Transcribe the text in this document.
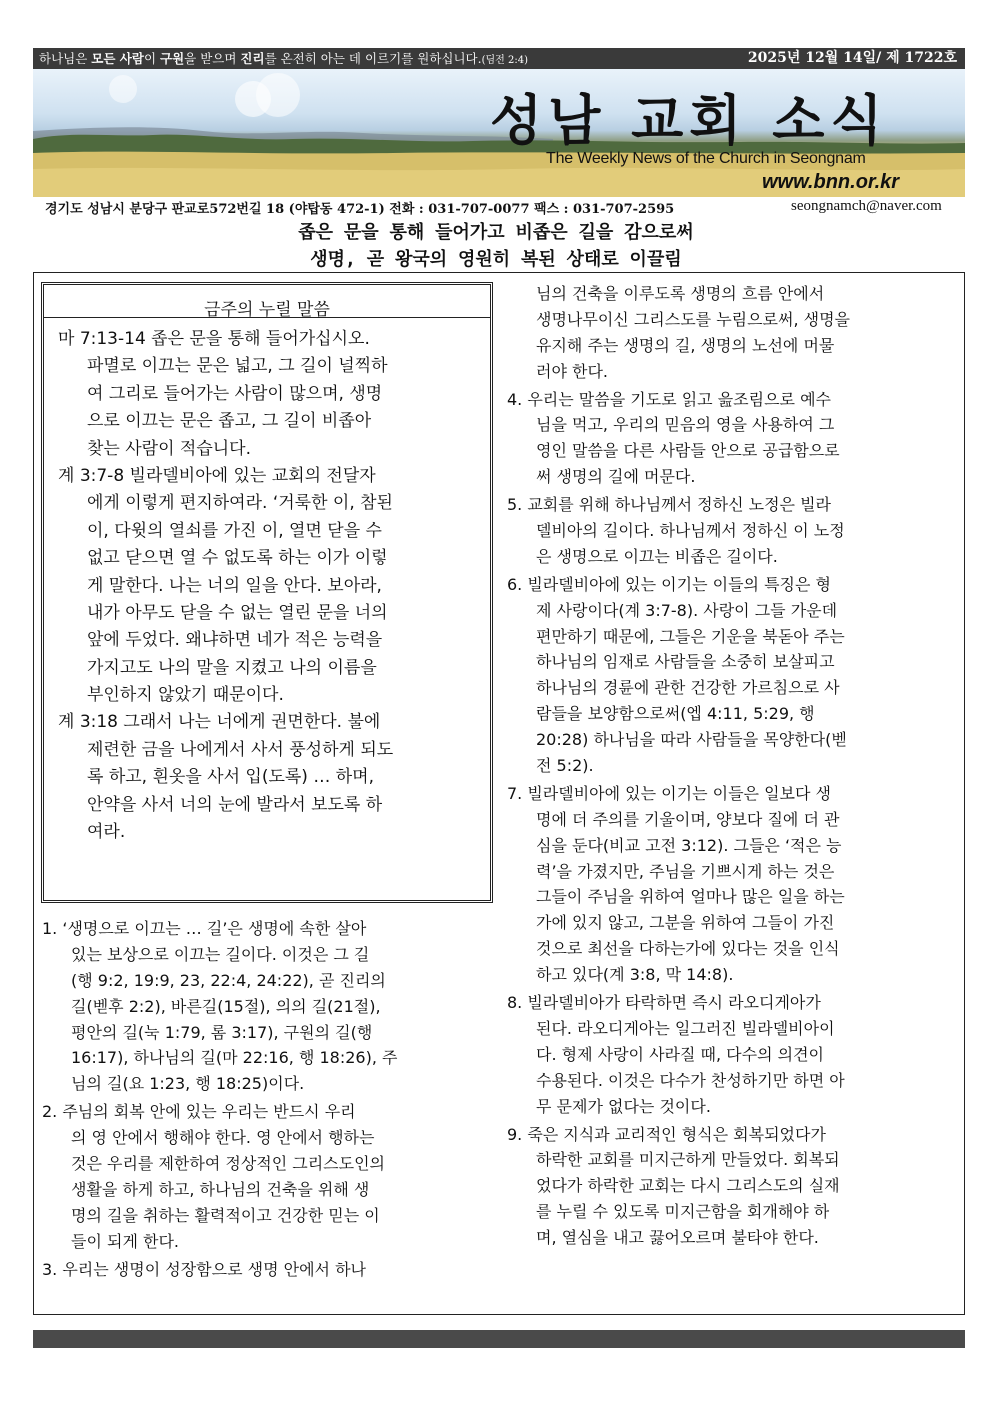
하나님은 모든 사람이 구원을 받으며 진리를 온전히 아는 데 이르기를 원하십니다.(딤전 2:4)	2025년 12월 14일/ 제 1722호
성남 교회 소식
The Weekly News of the Church in Seongnam
www.bnn.or.kr
경기도 성남시 분당구 판교로572번길 18 (야탑동 472-1) 전화 : 031-707-0077 팩스 : 031-707-2595	seongnamch@naver.com
좁은 문을 통해 들어가고 비좁은 길을 감으로써
생명, 곧 왕국의 영원히 복된 상태로 이끌림
금주의 누릴 말씀
마 7:13-14 좁은 문을 통해 들어가십시오.
파멸로 이끄는 문은 넓고, 그 길이 널찍하
여 그리로 들어가는 사람이 많으며, 생명
으로 이끄는 문은 좁고, 그 길이 비좁아
찾는 사람이 적습니다.
계 3:7-8 빌라델비아에 있는 교회의 전달자
에게 이렇게 편지하여라. ‘거룩한 이, 참된
이, 다윗의 열쇠를 가진 이, 열면 닫을 수
없고 닫으면 열 수 없도록 하는 이가 이렇
게 말한다. 나는 너의 일을 안다. 보아라,
내가 아무도 닫을 수 없는 열린 문을 너의
앞에 두었다. 왜냐하면 네가 적은 능력을
가지고도 나의 말을 지켰고 나의 이름을
부인하지 않았기 때문이다.
계 3:18 그래서 나는 너에게 권면한다. 불에
제련한 금을 나에게서 사서 풍성하게 되도
록 하고, 흰옷을 사서 입(도록) … 하며,
안약을 사서 너의 눈에 발라서 보도록 하
여라.
1. ‘생명으로 이끄는 … 길’은 생명에 속한 살아
있는 보상으로 이끄는 길이다. 이것은 그 길
(행 9:2, 19:9, 23, 22:4, 24:22), 곧 진리의
길(벧후 2:2), 바른길(15절), 의의 길(21절),
평안의 길(눅 1:79, 롬 3:17), 구원의 길(행
16:17), 하나님의 길(마 22:16, 행 18:26), 주
님의 길(요 1:23, 행 18:25)이다.
2. 주님의 회복 안에 있는 우리는 반드시 우리
의 영 안에서 행해야 한다. 영 안에서 행하는
것은 우리를 제한하여 정상적인 그리스도인의
생활을 하게 하고, 하나님의 건축을 위해 생
명의 길을 취하는 활력적이고 건강한 믿는 이
들이 되게 한다.
3. 우리는 생명이 성장함으로 생명 안에서 하나
님의 건축을 이루도록 생명의 흐름 안에서
생명나무이신 그리스도를 누림으로써, 생명을
유지해 주는 생명의 길, 생명의 노선에 머물
러야 한다.
4. 우리는 말씀을 기도로 읽고 읊조림으로 예수
님을 먹고, 우리의 믿음의 영을 사용하여 그
영인 말씀을 다른 사람들 안으로 공급함으로
써 생명의 길에 머문다.
5. 교회를 위해 하나님께서 정하신 노정은 빌라
델비아의 길이다. 하나님께서 정하신 이 노정
은 생명으로 이끄는 비좁은 길이다.
6. 빌라델비아에 있는 이기는 이들의 특징은 형
제 사랑이다(계 3:7-8). 사랑이 그들 가운데
편만하기 때문에, 그들은 기운을 북돋아 주는
하나님의 임재로 사람들을 소중히 보살피고
하나님의 경륜에 관한 건강한 가르침으로 사
람들을 보양함으로써(엡 4:11, 5:29, 행
20:28) 하나님을 따라 사람들을 목양한다(벧
전 5:2).
7. 빌라델비아에 있는 이기는 이들은 일보다 생
명에 더 주의를 기울이며, 양보다 질에 더 관
심을 둔다(비교 고전 3:12). 그들은 ‘적은 능
력’을 가졌지만, 주님을 기쁘시게 하는 것은
그들이 주님을 위하여 얼마나 많은 일을 하는
가에 있지 않고, 그분을 위하여 그들이 가진
것으로 최선을 다하는가에 있다는 것을 인식
하고 있다(계 3:8, 막 14:8).
8. 빌라델비아가 타락하면 즉시 라오디게아가
된다. 라오디게아는 일그러진 빌라델비아이
다. 형제 사랑이 사라질 때, 다수의 의견이
수용된다. 이것은 다수가 찬성하기만 하면 아
무 문제가 없다는 것이다.
9. 죽은 지식과 교리적인 형식은 회복되었다가
하락한 교회를 미지근하게 만들었다. 회복되
었다가 하락한 교회는 다시 그리스도의 실재
를 누릴 수 있도록 미지근함을 회개해야 하
며, 열심을 내고 끓어오르며 불타야 한다.
